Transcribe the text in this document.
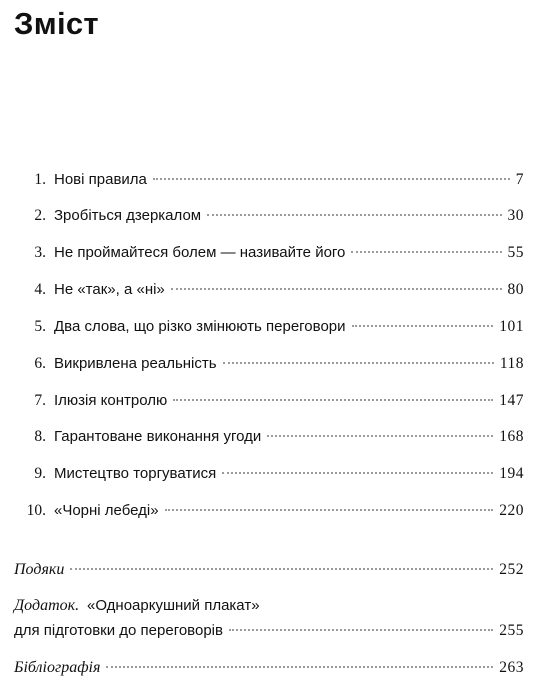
Зміст
1. Нові правила	7
2. Зробіться дзеркалом	30
3. Не проймайтеся болем — називайте його	55
4. Не «так», а «ні»	80
5. Два слова, що різко змінюють переговори	101
6. Викривлена реальність	118
7. Ілюзія контролю	147
8. Гарантоване виконання угоди	168
9. Мистецтво торгуватися	194
10. «Чорні лебеді»	220
Подяки	252
Додаток. «Одноаркушний плакат»
для підготовки до переговорів	255
Бібліографія	263
